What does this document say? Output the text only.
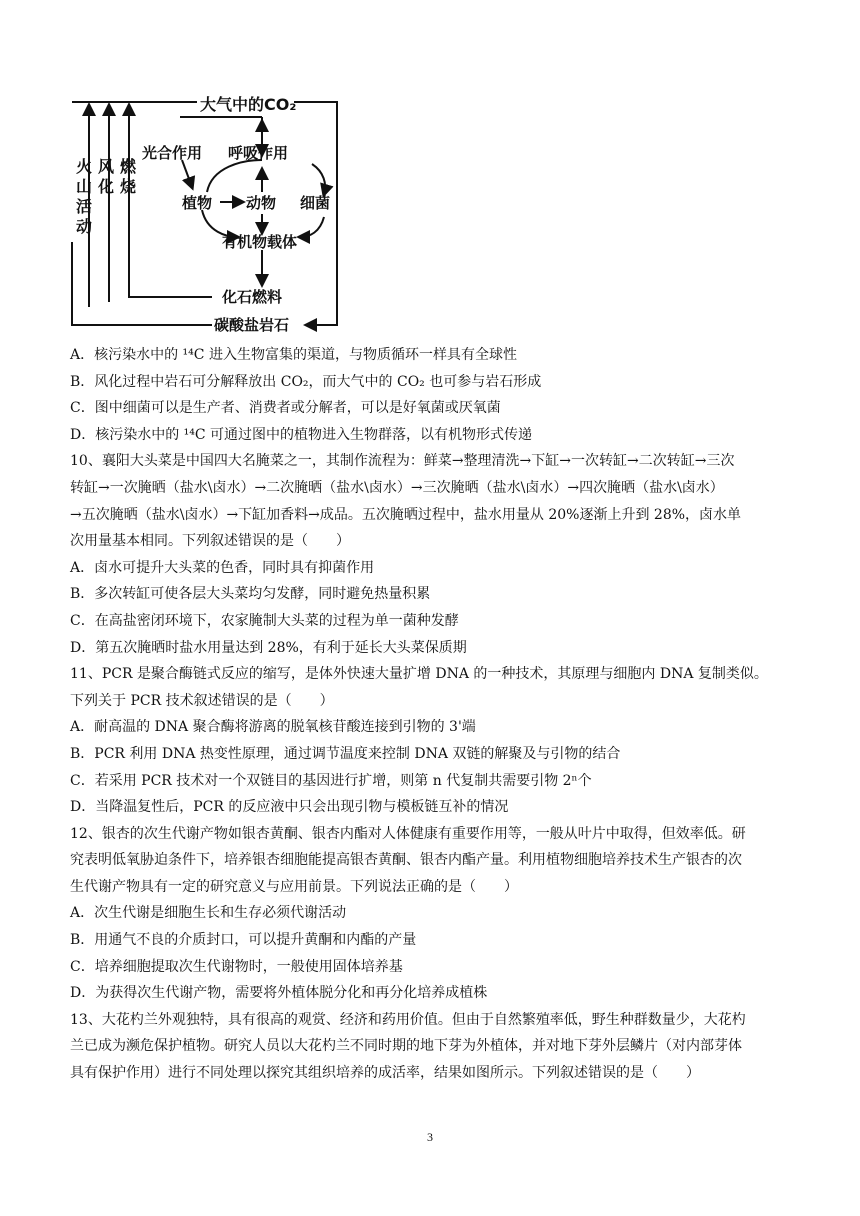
大气中的CO₂
光合作用 呼吸作用
植物 动物 细菌
有机物载体
化石燃料
碳酸盐岩石
火
山
活
动
风
化
燃
烧
A．核污染水中的 ¹⁴C 进入生物富集的渠道，与物质循环一样具有全球性
B．风化过程中岩石可分解释放出 CO₂，而大气中的 CO₂ 也可参与岩石形成
C．图中细菌可以是生产者、消费者或分解者，可以是好氧菌或厌氧菌
D．核污染水中的 ¹⁴C 可通过图中的植物进入生物群落，以有机物形式传递
10、襄阳大头菜是中国四大名腌菜之一，其制作流程为：鲜菜→整理清洗→下缸→一次转缸→二次转缸→三次
转缸→一次腌晒（盐水\卤水）→二次腌晒（盐水\卤水）→三次腌晒（盐水\卤水）→四次腌晒（盐水\卤水）
→五次腌晒（盐水\卤水）→下缸加香料→成品。五次腌晒过程中，盐水用量从 20%逐渐上升到 28%，卤水单
次用量基本相同。下列叙述错误的是（　　）
A．卤水可提升大头菜的色香，同时具有抑菌作用
B．多次转缸可使各层大头菜均匀发酵，同时避免热量积累
C．在高盐密闭环境下，农家腌制大头菜的过程为单一菌种发酵
D．第五次腌晒时盐水用量达到 28%，有利于延长大头菜保质期
11、PCR 是聚合酶链式反应的缩写，是体外快速大量扩增 DNA 的一种技术，其原理与细胞内 DNA 复制类似。
下列关于 PCR 技术叙述错误的是（　　）
A．耐高温的 DNA 聚合酶将游离的脱氧核苷酸连接到引物的 3'端
B．PCR 利用 DNA 热变性原理，通过调节温度来控制 DNA 双链的解聚及与引物的结合
C．若采用 PCR 技术对一个双链目的基因进行扩增，则第 n 代复制共需要引物 2ⁿ个
D．当降温复性后，PCR 的反应液中只会出现引物与模板链互补的情况
12、银杏的次生代谢产物如银杏黄酮、银杏内酯对人体健康有重要作用等，一般从叶片中取得，但效率低。研
究表明低氧胁迫条件下，培养银杏细胞能提高银杏黄酮、银杏内酯产量。利用植物细胞培养技术生产银杏的次
生代谢产物具有一定的研究意义与应用前景。下列说法正确的是（　　）
A．次生代谢是细胞生长和生存必须代谢活动
B．用通气不良的介质封口，可以提升黄酮和内酯的产量
C．培养细胞提取次生代谢物时，一般使用固体培养基
D．为获得次生代谢产物，需要将外植体脱分化和再分化培养成植株
13、大花杓兰外观独特，具有很高的观赏、经济和药用价值。但由于自然繁殖率低，野生种群数量少，大花杓
兰已成为濒危保护植物。研究人员以大花杓兰不同时期的地下芽为外植体，并对地下芽外层鳞片（对内部芽体
具有保护作用）进行不同处理以探究其组织培养的成活率，结果如图所示。下列叙述错误的是（　　）
3
